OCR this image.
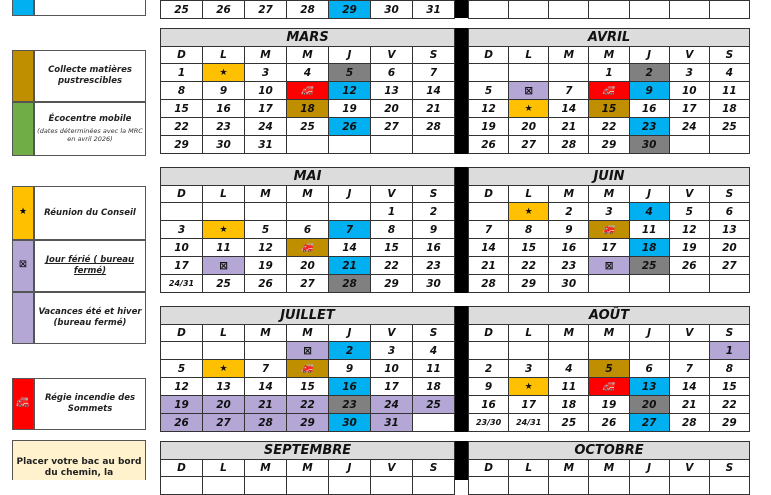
25	26	27	28	29	30	31

Collecte matières pustrescibles
Écocentre mobile
(dates déterminées avec la MRC en avril 2026)
★	Réunion du Conseil
⊠	Jour férié ( bureau fermé)
Vacances été et hiver (bureau fermé)
🚒	Régie incendie des Sommets
Placer votre bac au bord du chemin, la
MARS						
D	L	M	M	J	V	S
1	★	3	4	5	6	7
8	9	10	🚒	12	13	14
15	16	17	18	19	20	21
22	23	24	25	26	27	28
29	30	31				
AVRIL						
D	L	M	M	J	V	S
			1	2	3	4
5	⊠	7	🚒	9	10	11
12	★	14	15	16	17	18
19	20	21	22	23	24	25
26	27	28	29	30		
MAI						
D	L	M	M	J	V	S
					1	2
3	★	5	6	7	8	9
10	11	12	🚒	14	15	16
17	⊠	19	20	21	22	23
24/31	25	26	27	28	29	30
JUIN						
D	L	M	M	J	V	S
	★	2	3	4	5	6
7	8	9	🚒	11	12	13
14	15	16	17	18	19	20
21	22	23	⊠	25	26	27
28	29	30				
JUILLET						
D	L	M	M	J	V	S
			⊠	2	3	4
5	★	7	🚒	9	10	11
12	13	14	15	16	17	18
19	20	21	22	23	24	25
26	27	28	29	30	31	
AOÛT						
D	L	M	M	J	V	S
						1
2	3	4	5	6	7	8
9	★	11	🚒	13	14	15
16	17	18	19	20	21	22
23/30	24/31	25	26	27	28	29
SEPTEMBRE						
D	L	M	M	J	V	S

OCTOBRE						
D	L	M	M	J	V	S
